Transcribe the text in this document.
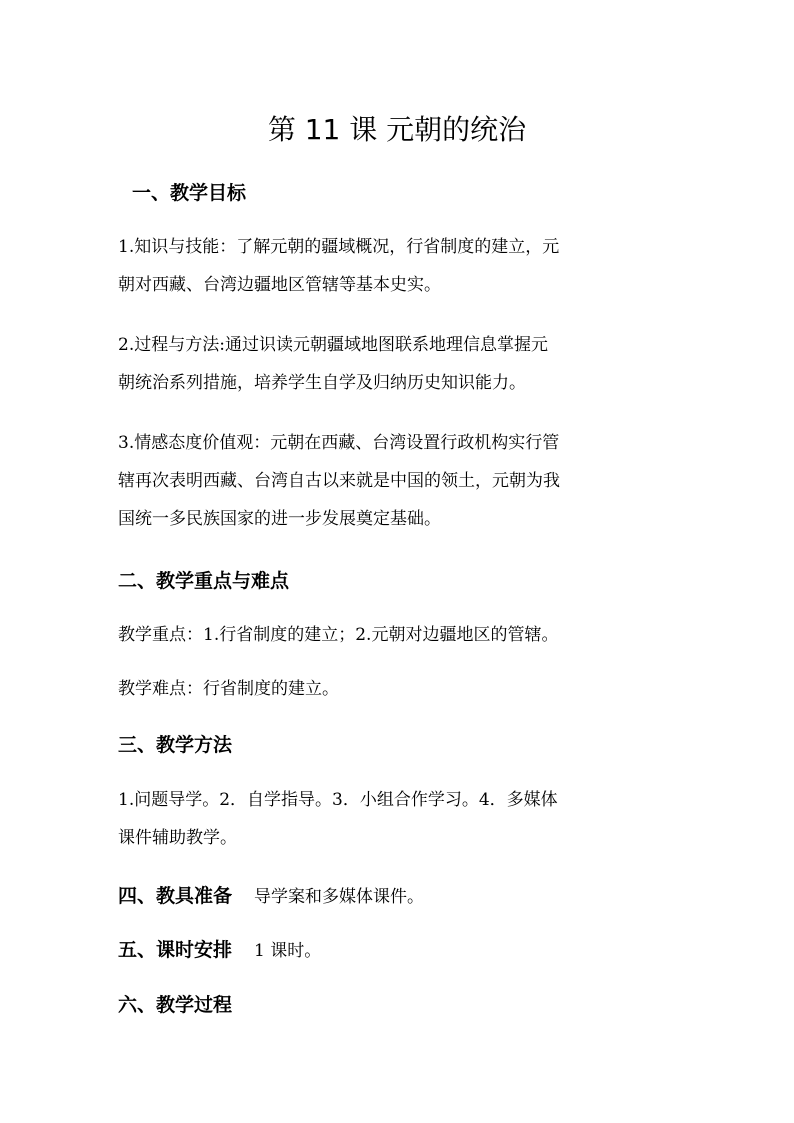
第 11 课 元朝的统治
一、教学目标
1.知识与技能：了解元朝的疆域概况，行省制度的建立，元
朝对西藏、台湾边疆地区管辖等基本史实。
2.过程与方法:通过识读元朝疆域地图联系地理信息掌握元
朝统治系列措施，培养学生自学及归纳历史知识能力。
3.情感态度价值观：元朝在西藏、台湾设置行政机构实行管
辖再次表明西藏、台湾自古以来就是中国的领土，元朝为我
国统一多民族国家的进一步发展奠定基础。
二、教学重点与难点
教学重点：1.行省制度的建立；2.元朝对边疆地区的管辖。
教学难点：行省制度的建立。
三、教学方法
1.问题导学。2．自学指导。3．小组合作学习。4．多媒体
课件辅助教学。
四、教具准备 导学案和多媒体课件。
五、课时安排 1 课时。
六、教学过程
